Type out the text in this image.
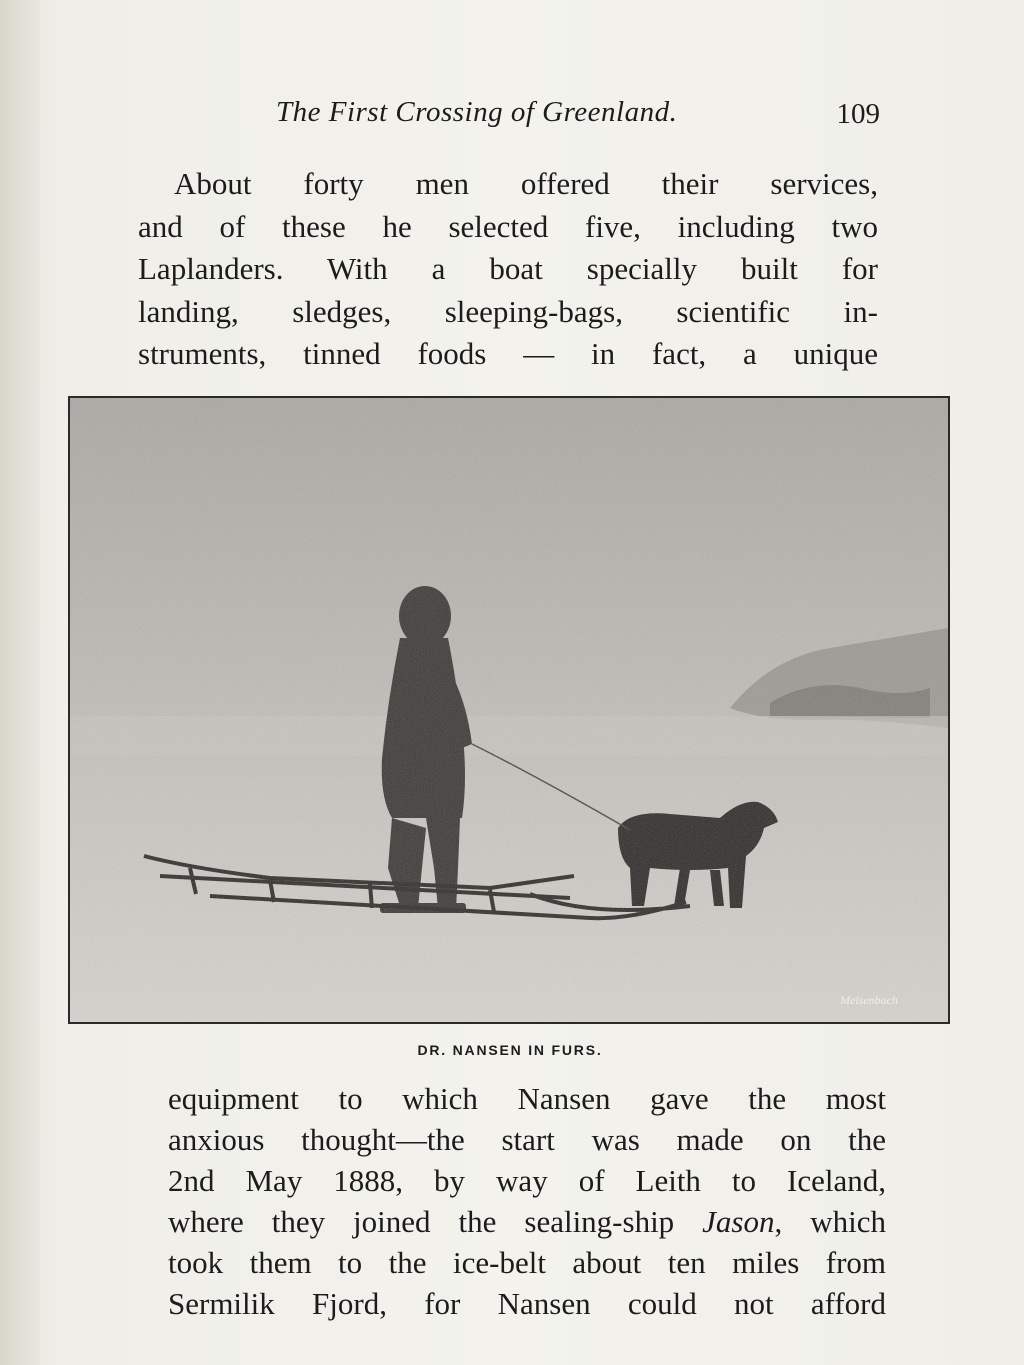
The First Crossing of Greenland.	109
About forty men offered their services,
and of these he selected five, including two
Laplanders. With a boat specially built for
landing, sledges, sleeping-bags, scientific in-
struments, tinned foods — in fact, a unique
Meisenbach
DR. NANSEN IN FURS.
equipment to which Nansen gave the most
anxious thought—the start was made on the
2nd May 1888, by way of Leith to Iceland,
where they joined the sealing-ship Jason, which
took them to the ice-belt about ten miles from
Sermilik Fjord, for Nansen could not afford
